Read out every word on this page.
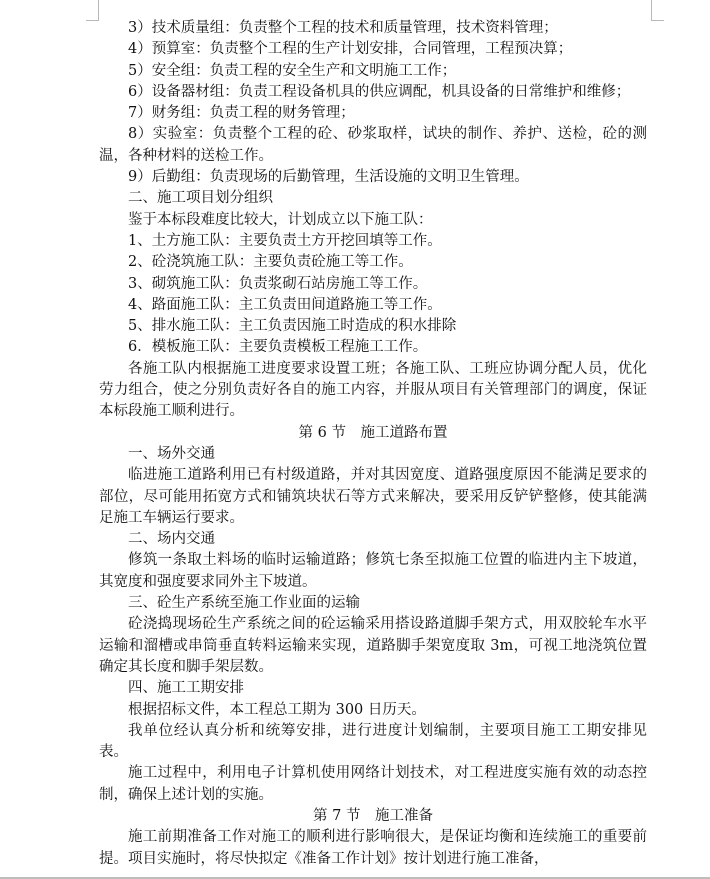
3）技术质量组：负责整个工程的技术和质量管理，技术资料管理；

4）预算室：负责整个工程的生产计划安排，合同管理，工程预决算；

5）安全组：负责工程的安全生产和文明施工工作；

6）设备器材组：负责工程设备机具的供应调配，机具设备的日常维护和维修；

7）财务组：负责工程的财务管理；

8）实验室：负责整个工程的砼、砂浆取样，试块的制作、养护、送检，砼的测温，各种材料的送检工作。

9）后勤组：负责现场的后勤管理，生活设施的文明卫生管理。

二、施工项目划分组织

鉴于本标段难度比较大，计划成立以下施工队：

1、土方施工队：主要负责土方开挖回填等工作。

2、砼浇筑施工队：主要负责砼施工等工作。

3、砌筑施工队：负责浆砌石站房施工等工作。

4、路面施工队：主工负责田间道路施工等工作。

5、排水施工队：主工负责因施工时造成的积水排除

6．模板施工队：主要负责模板工程施工工作。

各施工队内根据施工进度要求设置工班；各施工队、工班应协调分配人员，优化劳力组合，使之分别负责好各自的施工内容，并服从项目有关管理部门的调度，保证本标段施工顺利进行。

第 6 节　施工道路布置

一、场外交通

临进施工道路利用已有村级道路，并对其因宽度、道路强度原因不能满足要求的部位，尽可能用拓宽方式和铺筑块状石等方式来解决，要采用反铲铲整修，使其能满足施工车辆运行要求。

二、场内交通

修筑一条取土料场的临时运输道路；修筑七条至拟施工位置的临进内主下坡道，其宽度和强度要求同外主下坡道。

三、砼生产系统至施工作业面的运输

砼浇捣现场砼生产系统之间的砼运输采用搭设路道脚手架方式，用双胶轮车水平运输和溜槽或串筒垂直转料运输来实现，道路脚手架宽度取 3m，可视工地浇筑位置确定其长度和脚手架层数。

四、施工工期安排

根据招标文件，本工程总工期为 300 日历天。

我单位经认真分析和统筹安排，进行进度计划编制，主要项目施工工期安排见表。

施工过程中，利用电子计算机使用网络计划技术，对工程进度实施有效的动态控制，确保上述计划的实施。

第 7 节　施工准备

施工前期准备工作对施工的顺利进行影响很大，是保证均衡和连续施工的重要前提。项目实施时，将尽快拟定《准备工作计划》按计划进行施工准备，
